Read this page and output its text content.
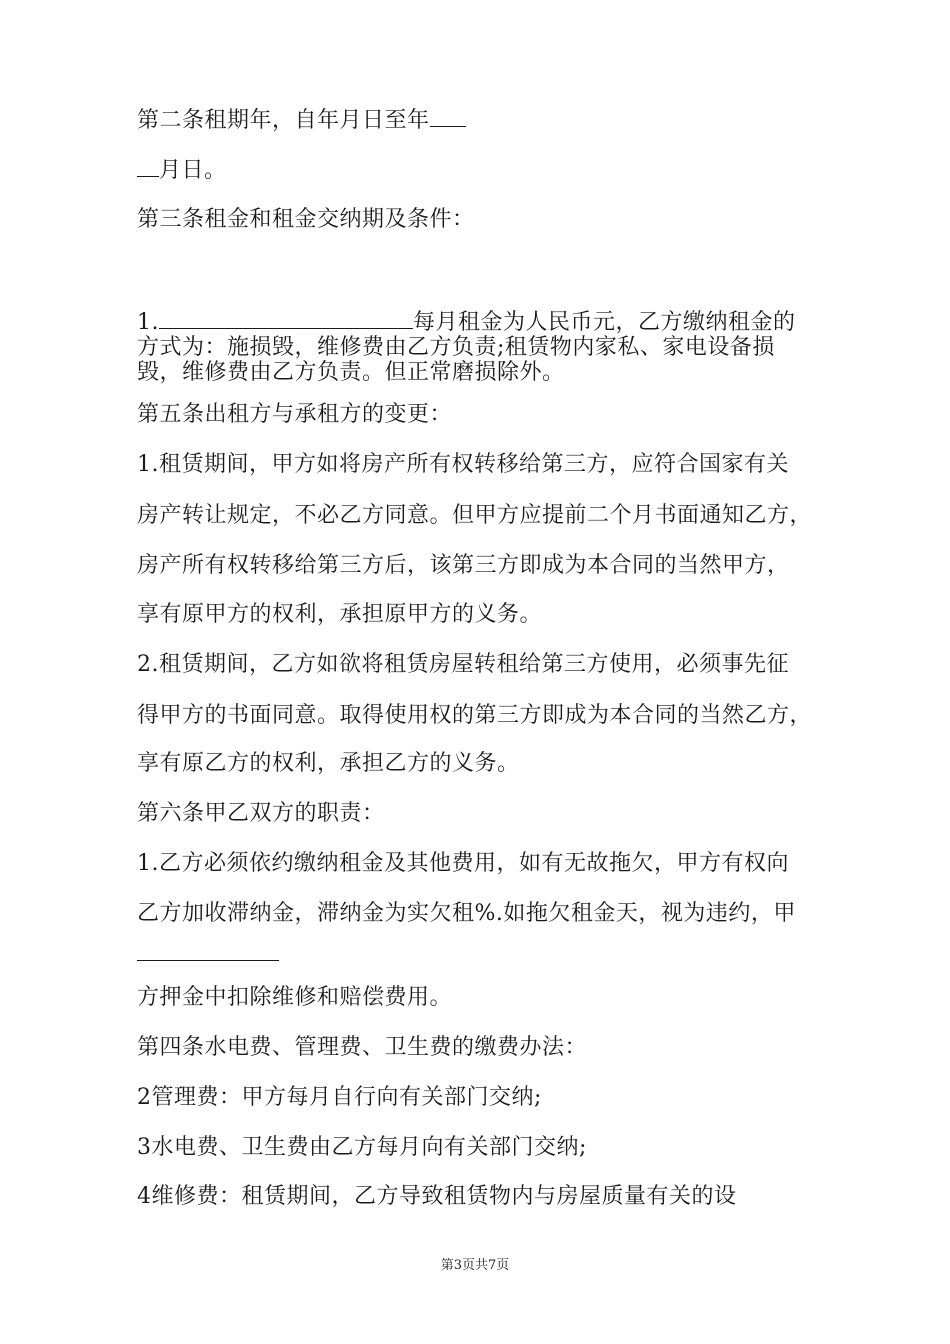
第二条租期年，自年月日至年
月日。
第三条租金和租金交纳期及条件：
1.	每月租金为人民币元，乙方缴纳租金的
方式为：施损毁，维修费由乙方负责;租赁物内家私、家电设备损
毁，维修费由乙方负责。但正常磨损除外。
第五条出租方与承租方的变更：
1.租赁期间，甲方如将房产所有权转移给第三方，应符合国家有关
房产转让规定，不必乙方同意。但甲方应提前二个月书面通知乙方，
房产所有权转移给第三方后，该第三方即成为本合同的当然甲方，
享有原甲方的权利，承担原甲方的义务。
2.租赁期间，乙方如欲将租赁房屋转租给第三方使用，必须事先征
得甲方的书面同意。取得使用权的第三方即成为本合同的当然乙方，
享有原乙方的权利，承担乙方的义务。
第六条甲乙双方的职责：
1.乙方必须依约缴纳租金及其他费用，如有无故拖欠，甲方有权向
乙方加收滞纳金，滞纳金为实欠租%.如拖欠租金天，视为违约，甲
方押金中扣除维修和赔偿费用。
第四条水电费、管理费、卫生费的缴费办法：
2管理费：甲方每月自行向有关部门交纳;
3水电费、卫生费由乙方每月向有关部门交纳;
4维修费：租赁期间，乙方导致租赁物内与房屋质量有关的设
第3页共7页
